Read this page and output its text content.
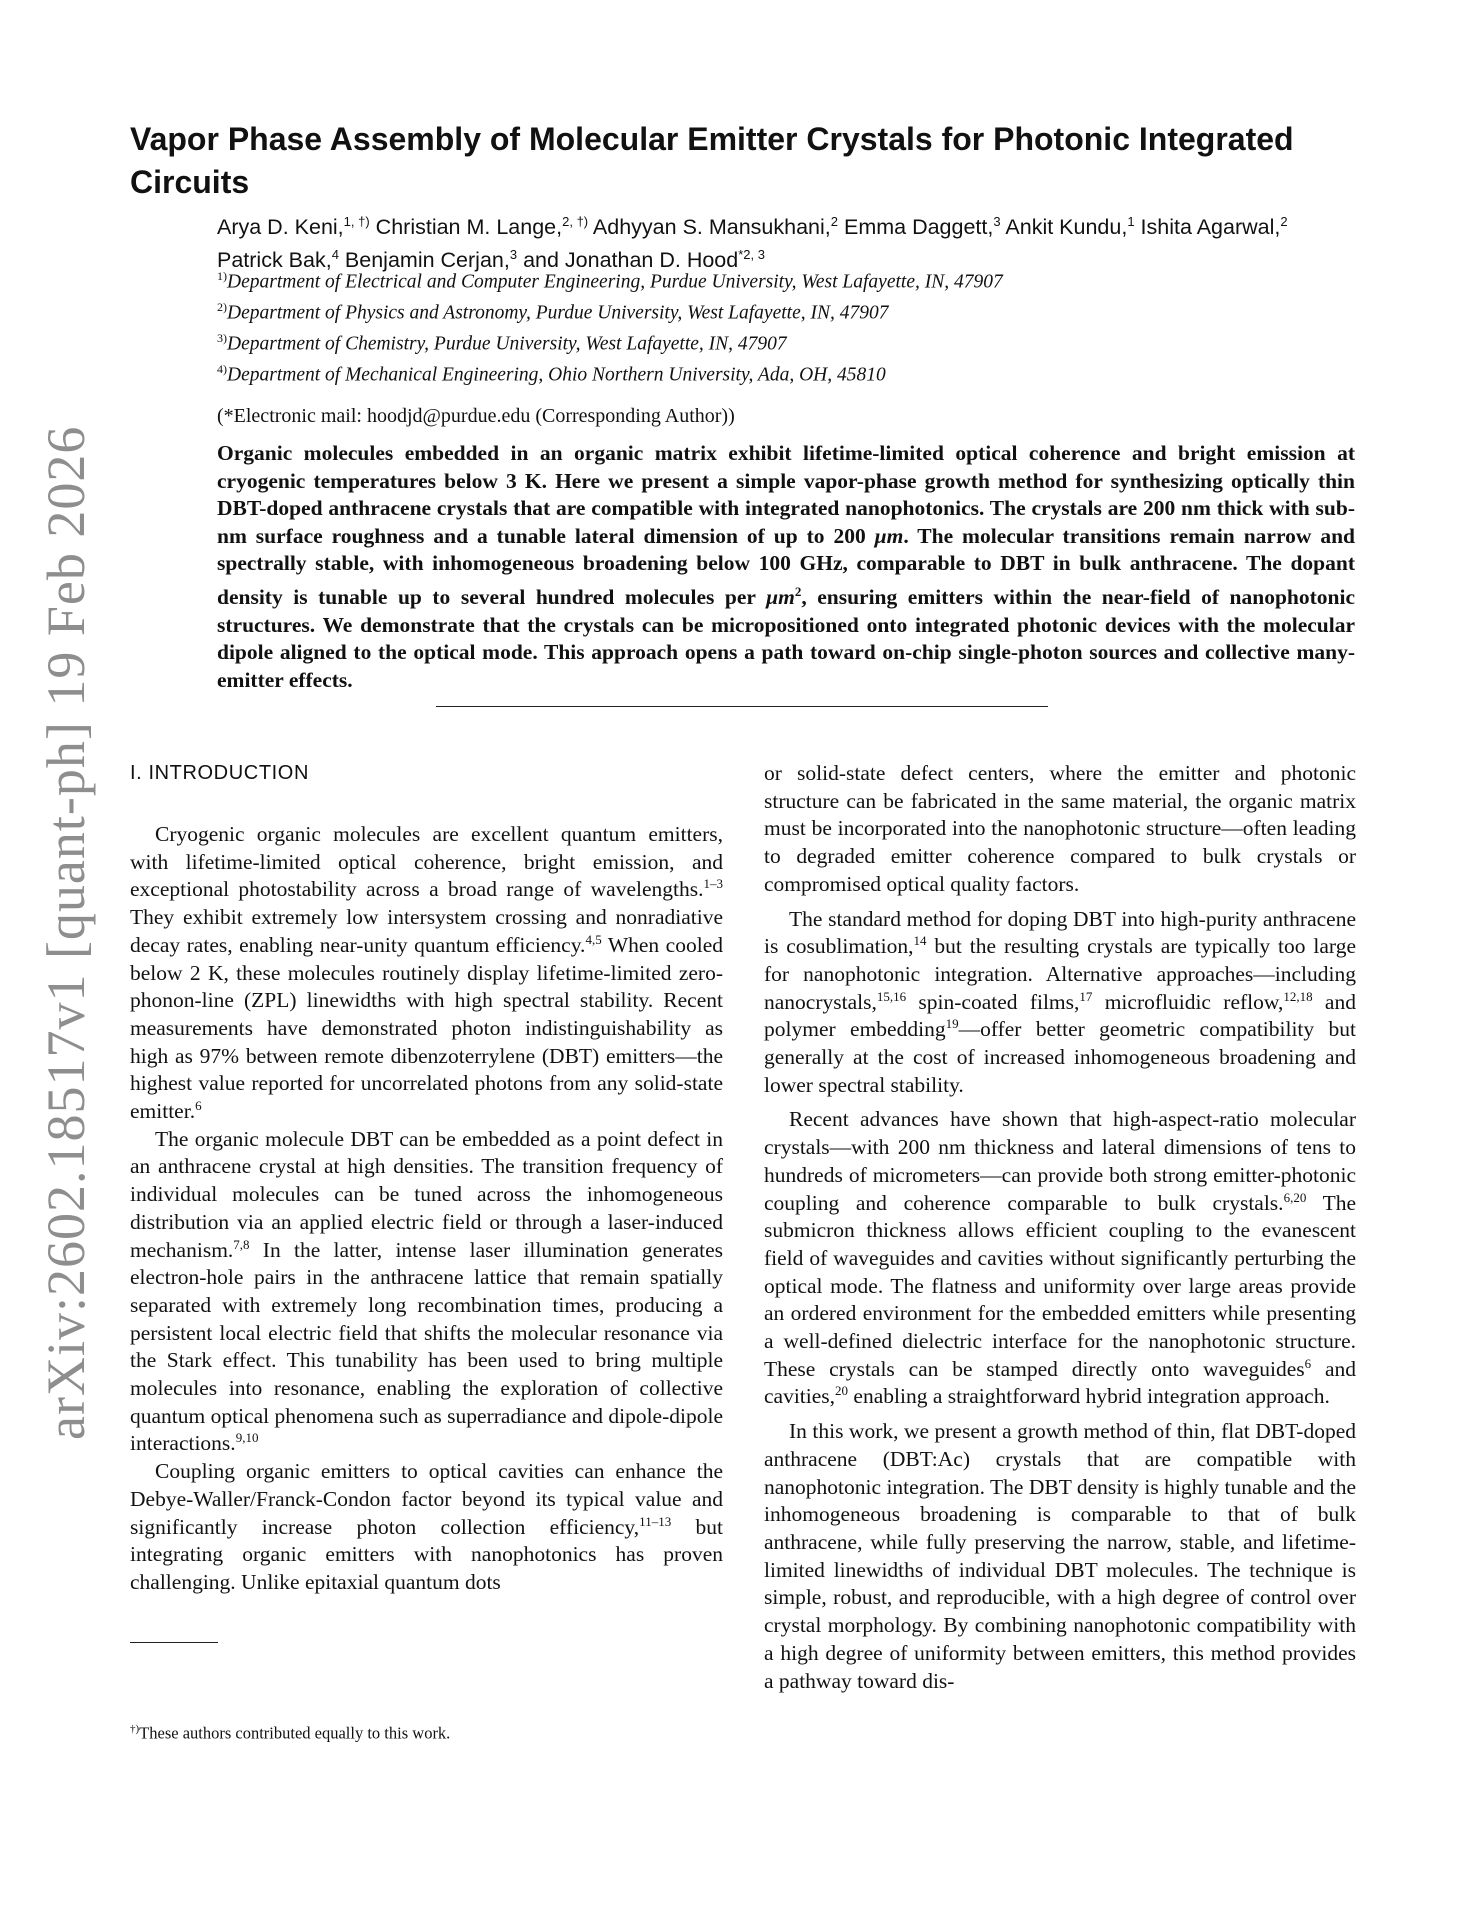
arXiv:2602.18517v1 [quant-ph] 19 Feb 2026
Vapor Phase Assembly of Molecular Emitter Crystals for Photonic Integrated Circuits
Arya D. Keni,$^{1, \dagger)}$ Christian M. Lange,$^{2, \dagger)}$ Adhyyan S. Mansukhani,$^2$ Emma Daggett,$^3$ Ankit Kundu,$^1$ Ishita Agarwal,$^2$ Patrick Bak,$^4$ Benjamin Cerjan,$^3$ and Jonathan D. Hood$^{*2, 3}$
$^{1)}$Department of Electrical and Computer Engineering, Purdue University, West Lafayette, IN, 47907
$^{2)}$Department of Physics and Astronomy, Purdue University, West Lafayette, IN, 47907
$^{3)}$Department of Chemistry, Purdue University, West Lafayette, IN, 47907
$^{4)}$Department of Mechanical Engineering, Ohio Northern University, Ada, OH, 45810
(*Electronic mail: hoodjd@purdue.edu (Corresponding Author))

Organic molecules embedded in an organic matrix exhibit lifetime-limited optical coherence and bright emission at cryogenic temperatures below 3 K. Here we present a simple vapor-phase growth method for synthesizing optically thin DBT-doped anthracene crystals that are compatible with integrated nanophotonics. The crystals are 200 nm thick with sub-nm surface roughness and a tunable lateral dimension of up to 200 μm. The molecular transitions remain narrow and spectrally stable, with inhomogeneous broadening below 100 GHz, comparable to DBT in bulk anthracene. The dopant density is tunable up to several hundred molecules per $\mu m^2$, ensuring emitters within the near-field of nanophotonic structures. We demonstrate that the crystals can be micropositioned onto integrated photonic devices with the molecular dipole aligned to the optical mode. This approach opens a path toward on-chip single-photon sources and collective many-emitter effects.

I. INTRODUCTION

Cryogenic organic molecules are excellent quantum emitters, with lifetime-limited optical coherence, bright emission, and exceptional photostability across a broad range of wavelengths.$^{1-3}$ They exhibit extremely low intersystem crossing and nonradiative decay rates, enabling near-unity quantum efficiency.$^{4,5}$ When cooled below 2 K, these molecules routinely display lifetime-limited zero-phonon-line (ZPL) linewidths with high spectral stability. Recent measurements have demonstrated photon indistinguishability as high as 97% between remote dibenzoterrylene (DBT) emitters—the highest value reported for uncorrelated photons from any solid-state emitter.$^6$

The organic molecule DBT can be embedded as a point defect in an anthracene crystal at high densities. The transition frequency of individual molecules can be tuned across the inhomogeneous distribution via an applied electric field or through a laser-induced mechanism.$^{7,8}$ In the latter, intense laser illumination generates electron-hole pairs in the anthracene lattice that remain spatially separated with extremely long recombination times, producing a persistent local electric field that shifts the molecular resonance via the Stark effect. This tunability has been used to bring multiple molecules into resonance, enabling the exploration of collective quantum optical phenomena such as superradiance and dipole-dipole interactions.$^{9,10}$

Coupling organic emitters to optical cavities can enhance the Debye-Waller/Franck-Condon factor beyond its typical value and significantly increase photon collection efficiency,$^{11-13}$ but integrating organic emitters with nanophotonics has proven challenging. Unlike epitaxial quantum dots

or solid-state defect centers, where the emitter and photonic structure can be fabricated in the same material, the organic matrix must be incorporated into the nanophotonic structure—often leading to degraded emitter coherence compared to bulk crystals or compromised optical quality factors.

The standard method for doping DBT into high-purity anthracene is cosublimation,$^{14}$ but the resulting crystals are typically too large for nanophotonic integration. Alternative approaches—including nanocrystals,$^{15,16}$ spin-coated films,$^{17}$ microfluidic reflow,$^{12,18}$ and polymer embedding$^{19}$—offer better geometric compatibility but generally at the cost of increased inhomogeneous broadening and lower spectral stability.

Recent advances have shown that high-aspect-ratio molecular crystals—with 200 nm thickness and lateral dimensions of tens to hundreds of micrometers—can provide both strong emitter-photonic coupling and coherence comparable to bulk crystals.$^{6,20}$ The submicron thickness allows efficient coupling to the evanescent field of waveguides and cavities without significantly perturbing the optical mode. The flatness and uniformity over large areas provide an ordered environment for the embedded emitters while presenting a well-defined dielectric interface for the nanophotonic structure. These crystals can be stamped directly onto waveguides$^6$ and cavities,$^{20}$ enabling a straightforward hybrid integration approach.

In this work, we present a growth method of thin, flat DBT-doped anthracene (DBT:Ac) crystals that are compatible with nanophotonic integration. The DBT density is highly tunable and the inhomogeneous broadening is comparable to that of bulk anthracene, while fully preserving the narrow, stable, and lifetime-limited linewidths of individual DBT molecules. The technique is simple, robust, and reproducible, with a high degree of control over crystal morphology. By combining nanophotonic compatibility with a high degree of uniformity between emitters, this method provides a pathway toward dis-

†)These authors contributed equally to this work.
